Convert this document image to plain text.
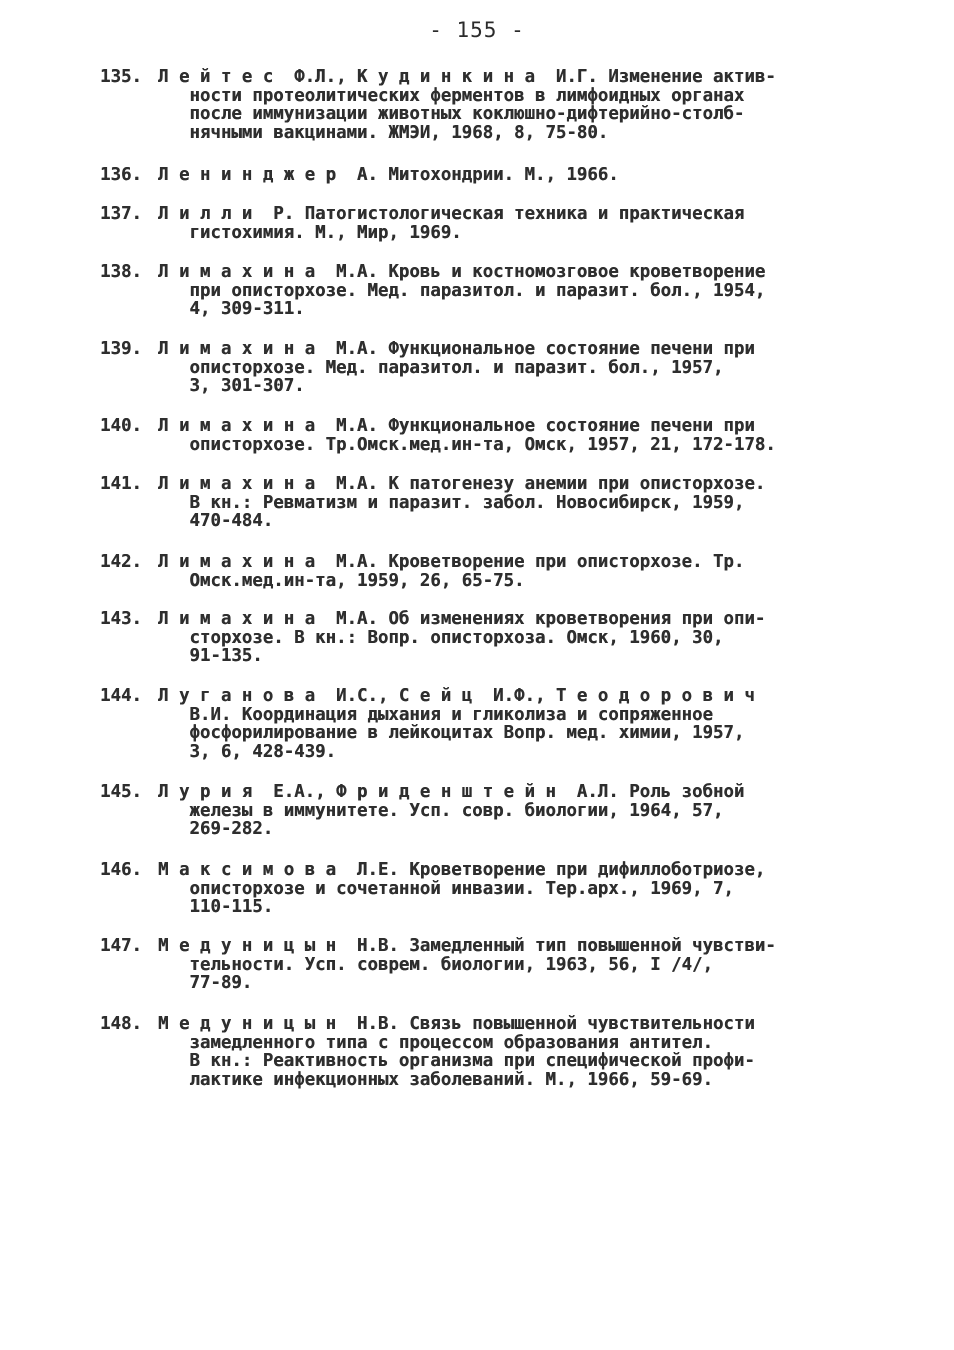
- 155 -
135. Л е й т е с  Ф.Л., К у д и н к и н а  И.Г. Изменение актив-
ности протеолитических ферментов в лимфоидных органах
после иммунизации животных коклюшно-дифтерийно-столб-
нячными вакцинами. ЖМЭИ, 1968, 8, 75-80.
136. Л е н и н д ж е р  А. Митохондрии. М., 1966.
137. Л и л л и  Р. Патогистологическая техника и практическая
гистохимия. М., Мир, 1969.
138. Л и м а х и н а  М.А. Кровь и костномозговое кроветворение
при описторхозе. Мед. паразитол. и паразит. бол., 1954,
4, 309-311.
139. Л и м а х и н а  М.А. Функциональное состояние печени при
описторхозе. Мед. паразитол. и паразит. бол., 1957,
3, 301-307.
140. Л и м а х и н а  М.А. Функциональное состояние печени при
описторхозе. Тр.Омск.мед.ин-та, Омск, 1957, 21, 172-178.
141. Л и м а х и н а  М.А. К патогенезу анемии при описторхозе.
В кн.: Ревматизм и паразит. забол. Новосибирск, 1959,
470-484.
142. Л и м а х и н а  М.А. Кроветворение при описторхозе. Тр.
Омск.мед.ин-та, 1959, 26, 65-75.
143. Л и м а х и н а  М.А. Об изменениях кроветворения при опи-
сторхозе. В кн.: Вопр. описторхоза. Омск, 1960, 30,
91-135.
144. Л у г а н о в а  И.С., С е й ц  И.Ф., Т е о д о р о в и ч
В.И. Координация дыхания и гликолиза и сопряженное
фосфорилирование в лейкоцитах Вопр. мед. химии, 1957,
3, 6, 428-439.
145. Л у р и я  Е.А., Ф р и д е н ш т е й н  А.Л. Роль зобной
железы в иммунитете. Усп. совр. биологии, 1964, 57,
269-282.
146. М а к с и м о в а  Л.Е. Кроветворение при дифиллоботриозе,
описторхозе и сочетанной инвазии. Тер.арх., 1969, 7,
110-115.
147. М е д у н и ц ы н  Н.В. Замедленный тип повышенной чувстви-
тельности. Усп. соврем. биологии, 1963, 56, I /4/,
77-89.
148. М е д у н и ц ы н  Н.В. Связь повышенной чувствительности
замедленного типа с процессом образования антител.
В кн.: Реактивность организма при специфической профи-
лактике инфекционных заболеваний. М., 1966, 59-69.
